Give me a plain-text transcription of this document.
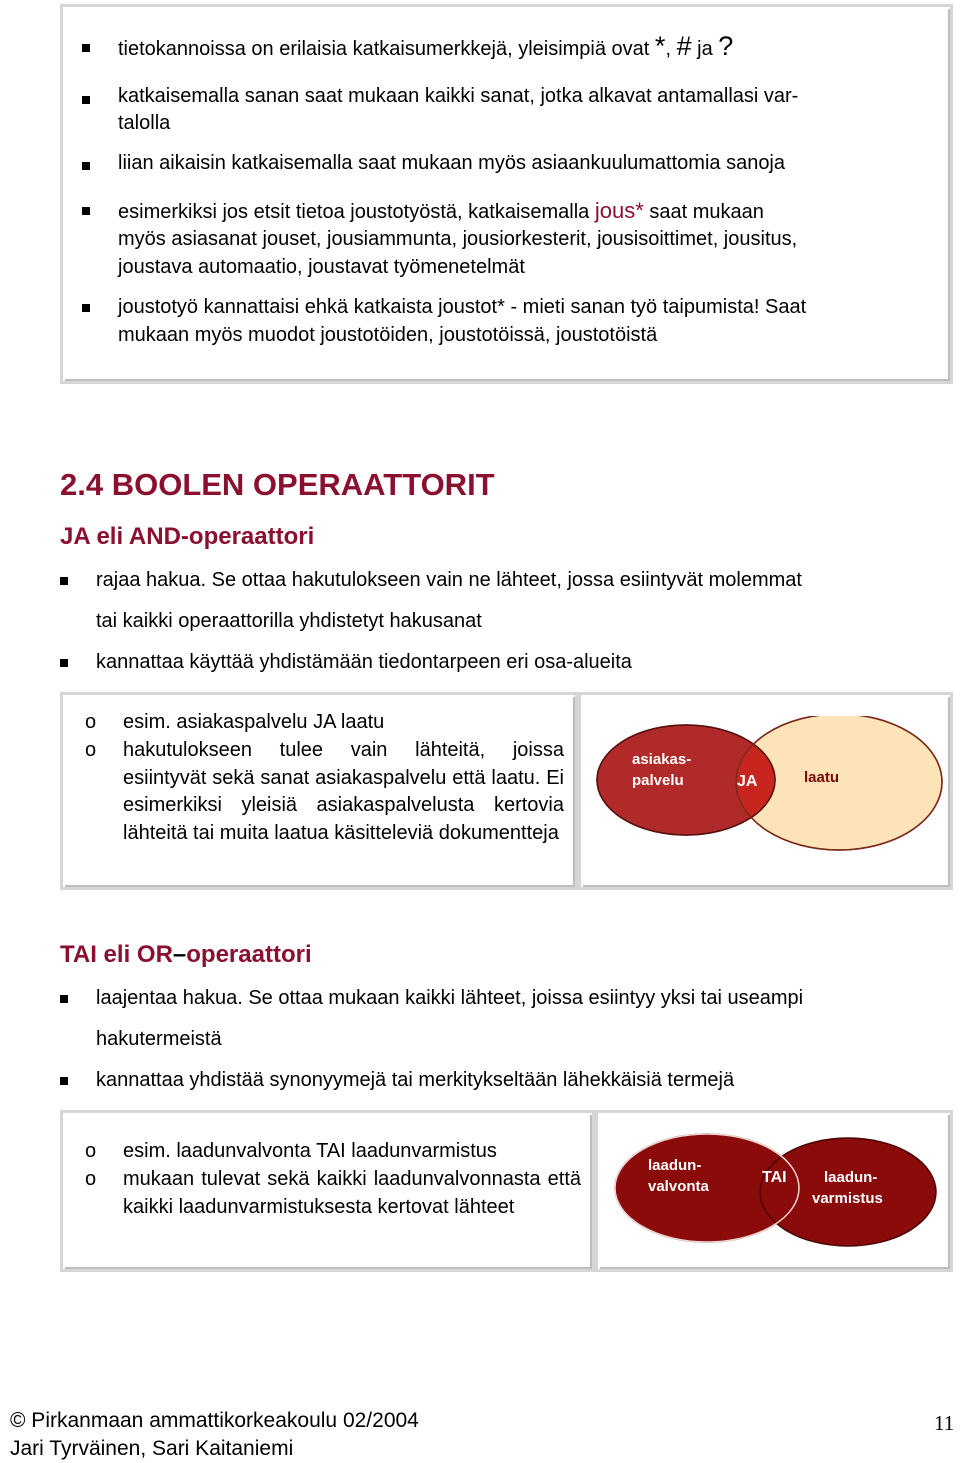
tietokannoissa on erilaisia katkaisumerkkejä, yleisimpiä ovat *, # ja ?
katkaisemalla sanan saat mukaan kaikki sanat, jotka alkavat antamallasi var-
talolla
liian aikaisin katkaisemalla saat mukaan myös asiaankuulumattomia sanoja
esimerkiksi jos etsit tietoa joustotyöstä, katkaisemalla jous* saat mukaan
myös asiasanat jouset, jousiammunta, jousiorkesterit, jousisoittimet, jousitus,
joustava automaatio, joustavat työmenetelmät
joustotyö kannattaisi ehkä katkaista joustot* - mieti sanan työ taipumista! Saat
mukaan myös muodot joustotöiden, joustotöissä, joustotöistä
2.4 BOOLEN OPERAATTORIT
JA eli AND-operaattori
rajaa hakua. Se ottaa hakutulokseen vain ne lähteet, jossa esiintyvät molemmat
tai kaikki operaattorilla yhdistetyt hakusanat
kannattaa käyttää yhdistämään tiedontarpeen eri osa-alueita
o esim. asiakaspalvelu JA laatu
o hakutulokseen tulee vain lähteitä, joissa esiintyvät sekä sanat asiakaspalvelu että laatu. Ei esimerkiksi yleisiä asiakaspalvelusta kertovia lähteitä tai muita laatua käsitteleviä dokumentteja
asiakas-
palvelu	JA	laatu
TAI eli OR–operaattori
laajentaa hakua. Se ottaa mukaan kaikki lähteet, joissa esiintyy yksi tai useampi
hakutermeistä
kannattaa yhdistää synonyymejä tai merkitykseltään lähekkäisiä termejä
o esim. laadunvalvonta TAI laadunvarmistus
o mukaan tulevat sekä kaikki laadunvalvonnasta että kaikki laadunvarmistuksesta kertovat lähteet
laadun-
valvonta
TAI laadun-
varmistus
© Pirkanmaan ammattikorkeakoulu 02/2004
Jari Tyrväinen, Sari Kaitaniemi
11
